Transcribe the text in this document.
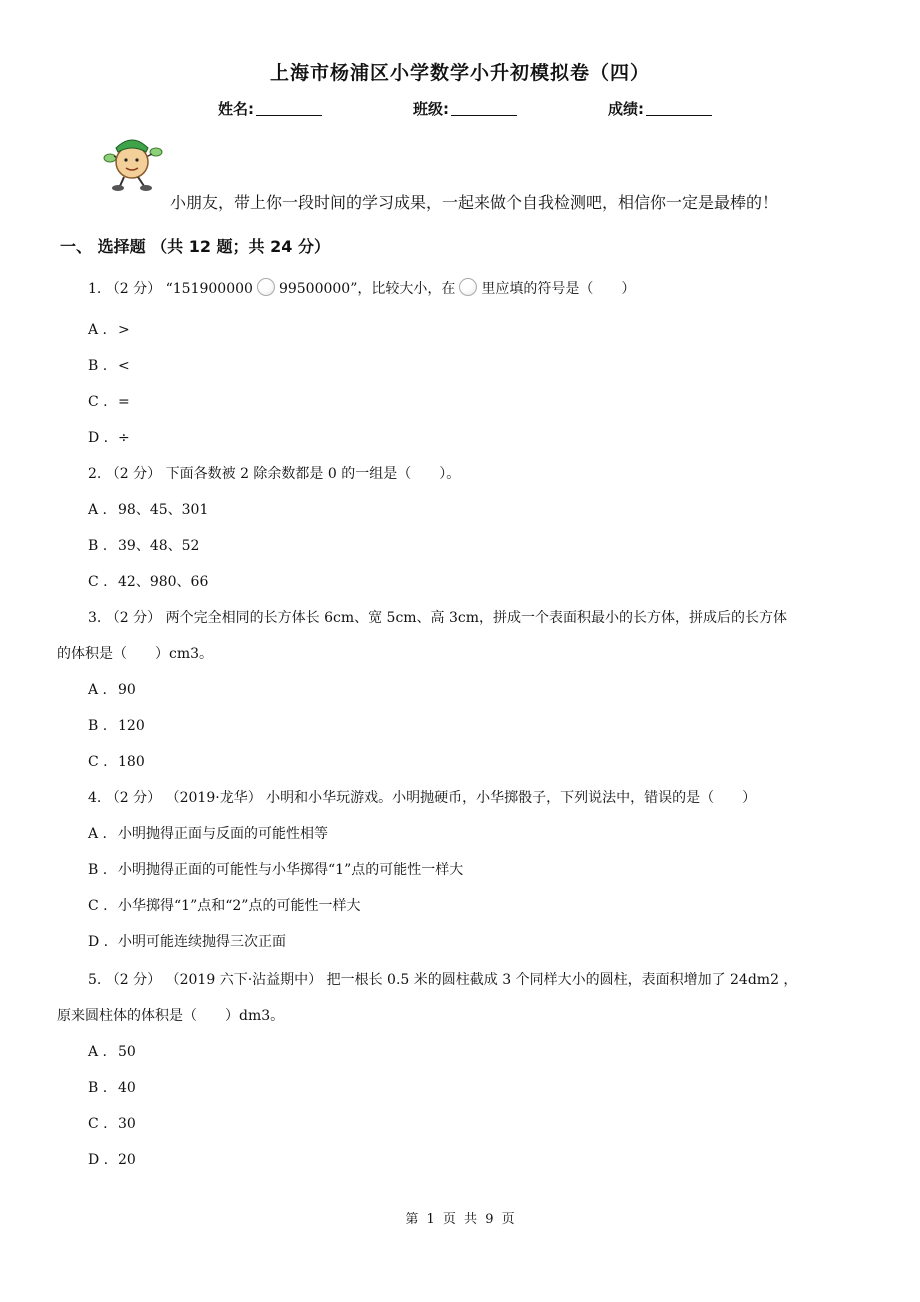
上海市杨浦区小学数学小升初模拟卷（四）
姓名:	班级:	成绩:
小朋友，带上你一段时间的学习成果，一起来做个自我检测吧，相信你一定是最棒的！
一、 选择题 （共 12 题；共 24 分）
1. （2 分） “151900000 99500000”，比较大小，在 里应填的符号是（　　）
A . >
B . <
C . =
D . ÷
2. （2 分） 下面各数被 2 除余数都是 0 的一组是（　　）。
A . 98、45、301
B . 39、48、52
C . 42、980、66
3. （2 分） 两个完全相同的长方体长 6cm、宽 5cm、高 3cm，拼成一个表面积最小的长方体，拼成后的长方体
的体积是（　　）cm3。
A . 90
B . 120
C . 180
4. （2 分） （2019·龙华） 小明和小华玩游戏。小明抛硬币，小华掷骰子，下列说法中，错误的是（　　）
A . 小明抛得正面与反面的可能性相等
B . 小明抛得正面的可能性与小华掷得“1”点的可能性一样大
C . 小华掷得“1”点和“2”点的可能性一样大
D . 小明可能连续抛得三次正面
5. （2 分） （2019 六下·沾益期中） 把一根长 0.5 米的圆柱截成 3 个同样大小的圆柱，表面积增加了 24dm2 ，
原来圆柱体的体积是（　　）dm3。
A . 50
B . 40
C . 30
D . 20
第 1 页 共 9 页
